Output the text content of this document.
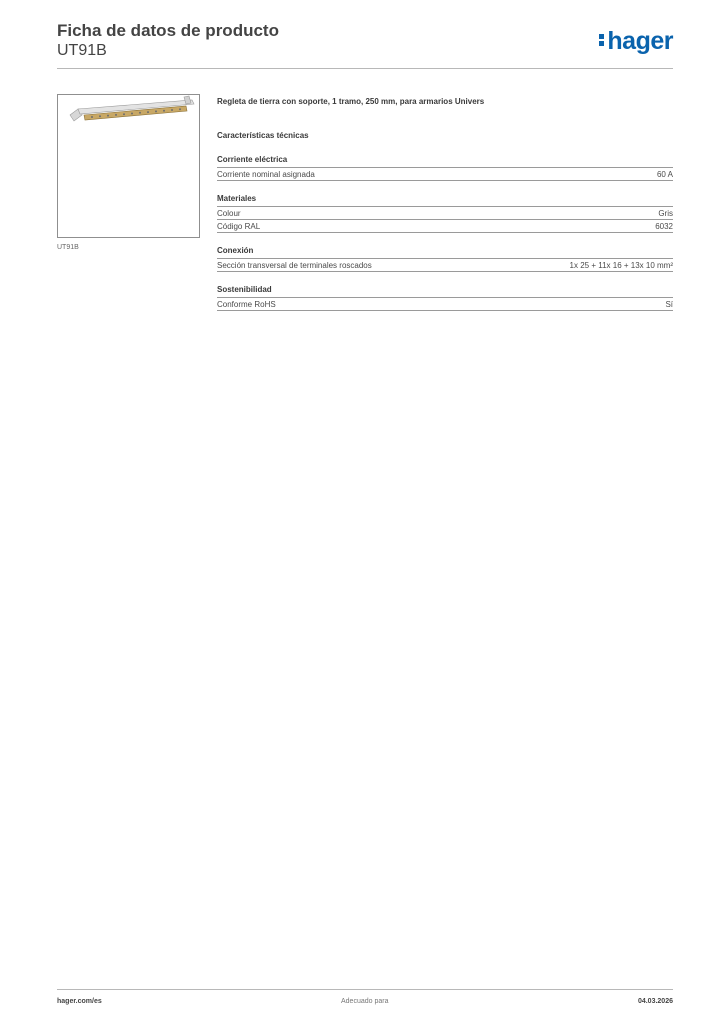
Ficha de datos de producto
UT91B	hager
UT91B
Regleta de tierra con soporte, 1 tramo, 250 mm, para armarios Univers
Características técnicas
Corriente eléctrica
Corriente nominal asignada	60 A
Materiales
Colour	Gris
Código RAL	6032
Conexión
Sección transversal de terminales roscados	1x 25 + 11x 16 + 13x 10 mm²
Sostenibilidad
Conforme RoHS	Sí
hager.com/es	Adecuado para	04.03.2026
